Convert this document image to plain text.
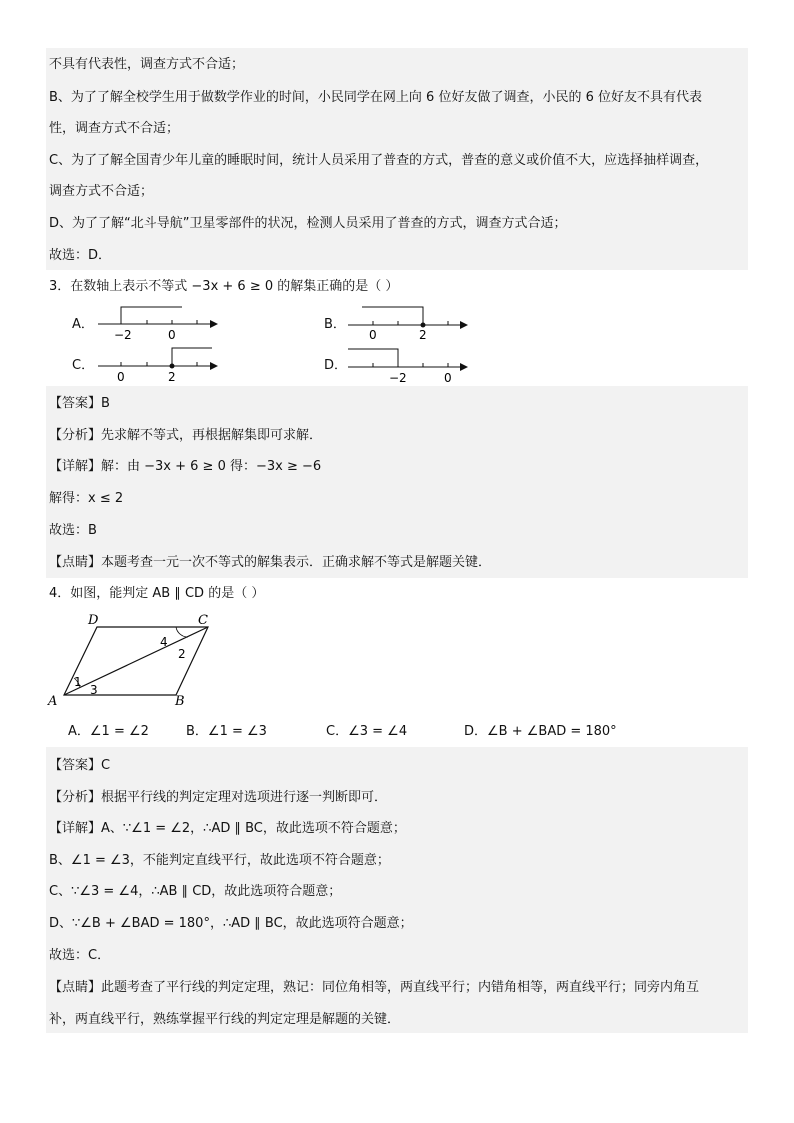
不具有代表性，调查方式不合适；
B、为了了解全校学生用于做数学作业的时间，小民同学在网上向 6 位好友做了调查，小民的 6 位好友不具有代表
性，调查方式不合适；
C、为了了解全国青少年儿童的睡眠时间，统计人员采用了普查的方式，普查的意义或价值不大，应选择抽样调查，
调查方式不合适；
D、为了了解“北斗导航”卫星零部件的状况，检测人员采用了普查的方式，调查方式合适；
故选：D．
3．在数轴上表示不等式 −3x + 6 ≥ 0 的解集正确的是（ ）
A．
−2	0
B．
0	2
C．
0	2
D．
−2	0
【答案】B
【分析】先求解不等式，再根据解集即可求解．
【详解】解：由 −3x + 6 ≥ 0 得：−3x ≥ −6
解得：x ≤ 2
故选：B
【点睛】本题考查一元一次不等式的解集表示．正确求解不等式是解题关键．
4．如图，能判定 AB ∥ CD 的是（ ）
D	C
A	B
1
2
3
4
A．∠1 = ∠2	B．∠1 = ∠3	C．∠3 = ∠4	D．∠B + ∠BAD = 180°
【答案】C
【分析】根据平行线的判定定理对选项进行逐一判断即可．
【详解】A、∵∠1 = ∠2，∴AD ∥ BC，故此选项不符合题意；
B、∠1 = ∠3，不能判定直线平行，故此选项不符合题意；
C、∵∠3 = ∠4，∴AB ∥ CD，故此选项符合题意；
D、∵∠B + ∠BAD = 180°，∴AD ∥ BC，故此选项符合题意；
故选：C．
【点睛】此题考查了平行线的判定定理，熟记：同位角相等，两直线平行；内错角相等，两直线平行；同旁内角互
补，两直线平行，熟练掌握平行线的判定定理是解题的关键．
